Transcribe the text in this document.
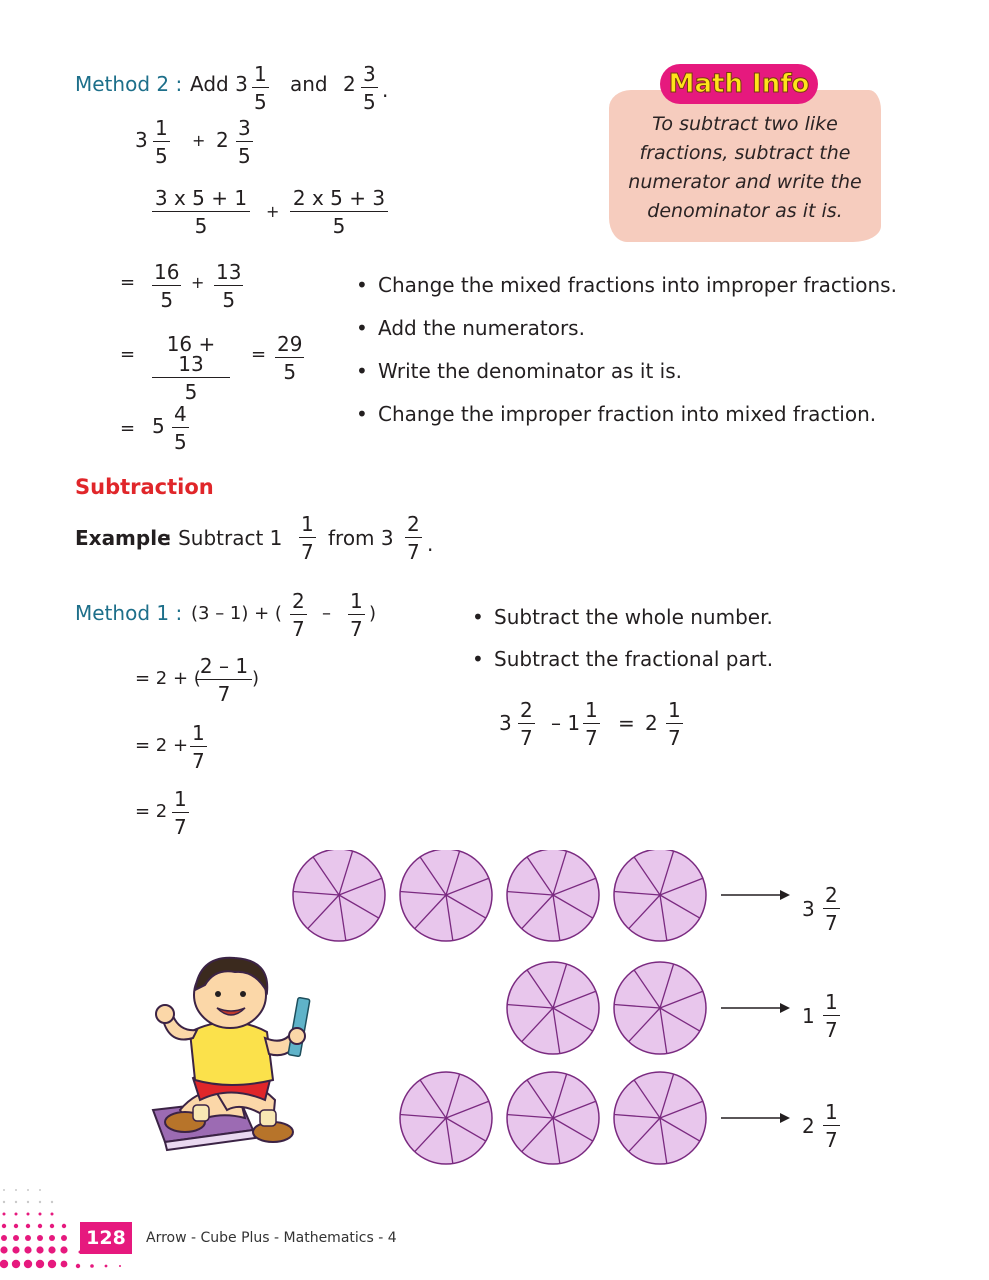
Method 2 : Add $3 \frac{1}{5}$ and $2 \frac{3}{5}$ .
$3 \frac{1}{5} + 2 \frac{3}{5}$
$\frac{3 x 5 + 1}{5} + \frac{2 x 5 + 3}{5}$
= $\frac{16}{5} + \frac{13}{5}$
= $\frac{16 + 13}{5} = \frac{29}{5}$
= $5 \frac{4}{5}$
• Change the mixed fractions into improper fractions.
• Add the numerators.
• Write the denominator as it is.
• Change the improper fraction into mixed fraction.
Math Info
To subtract two like fractions, subtract the numerator and write the denominator as it is.
Subtraction
Example
: Subtract $1 \frac{1}{7}$ from $3 \frac{2}{7}$ .
Method 1 : (3 – 1) + ( $\frac{2}{7} - \frac{1}{7}$ )
= 2 + (
$\frac{2 - 1}{7}$ )
= $2 + \frac{1}{7}$
= $2 \frac{1}{7}$
• Subtract the whole number.
• Subtract the fractional part.
$3 \frac{2}{7} - 1 \frac{1}{7} = 2 \frac{1}{7}$
$3 \frac{2}{7}$
$1 \frac{1}{7}$
$2 \frac{1}{7}$
128	Arrow - Cube Plus - Mathematics - 4
